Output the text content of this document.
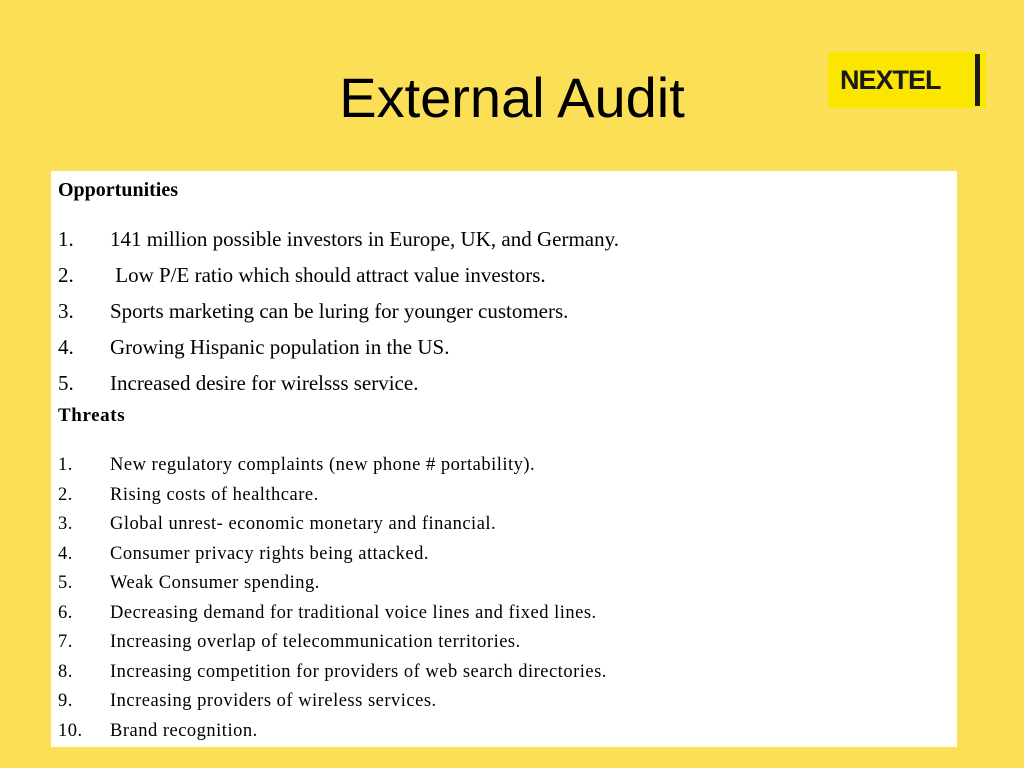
External Audit	NEXTEL
Opportunities
1. 141 million possible investors in Europe, UK, and Germany.
2. Low P/E ratio which should attract value investors.
3. Sports marketing can be luring for younger customers.
4. Growing Hispanic population in the US.
5. Increased desire for wirelsss service.
Threats
1. New regulatory complaints (new phone # portability).
2. Rising costs of healthcare.
3. Global unrest- economic monetary and financial.
4. Consumer privacy rights being attacked.
5. Weak Consumer spending.
6. Decreasing demand for traditional voice lines and fixed lines.
7. Increasing overlap of telecommunication territories.
8. Increasing competition for providers of web search directories.
9. Increasing providers of wireless services.
10. Brand recognition.
